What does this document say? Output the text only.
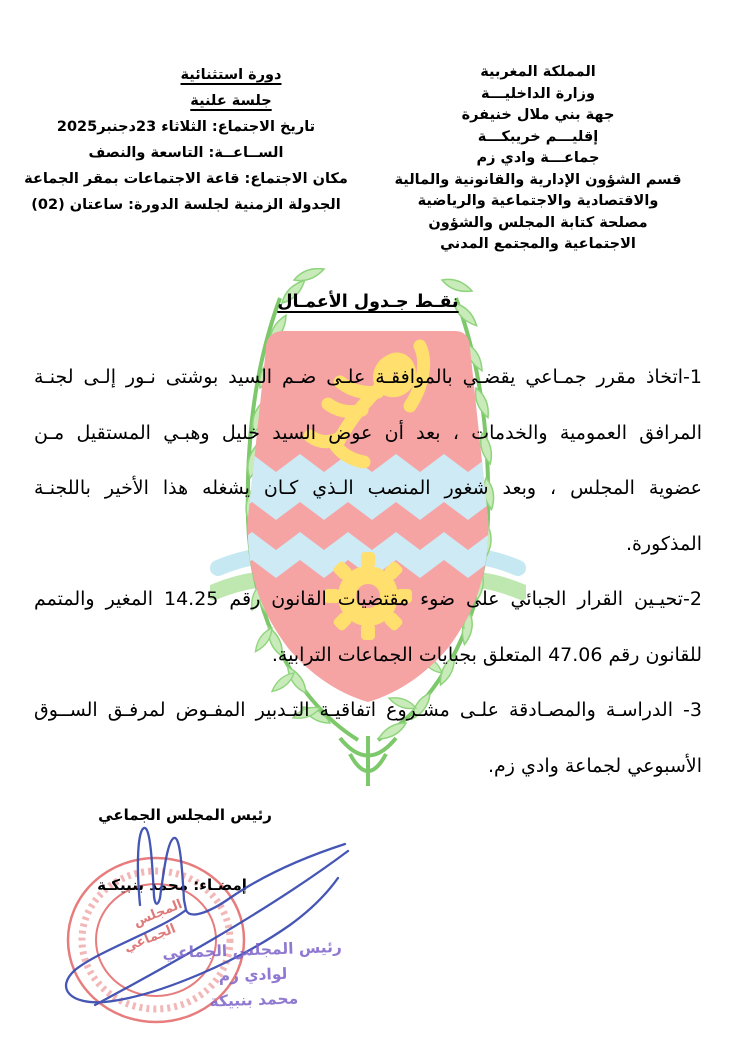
المجلس
الجماعي
المملكة المغربية
وزارة الداخليـــة
جهة بني ملال خنيفرة
إقليـــم خريبكـــة
جماعـــة وادي زم
قسم الشؤون الإدارية والقانونية والمالية
والاقتصادية والاجتماعية والرياضية
مصلحة كتابة المجلس والشؤون
الاجتماعية والمجتمع المدني
دورة استثنائية
جلسة علنية
تاريخ الاجتماع: الثلاثاء 23دجنبر2025
الســاعــة: التاسعة والنصف
مكان الاجتماع: قاعة الاجتماعات بمقر الجماعة
الجدولة الزمنية لجلسة الدورة: ساعتان (02)
نقـط جـدول الأعمـال
1-اتخاذ مقرر جمـاعي يقضـي بالموافقـة علـى ضـم السيد بوشتى نـور إلـى لجنـة
المرافق العمومية والخدمات ، بعد أن عوض السيد خليل وهبـي المستقيل مـن
عضوية المجلس ، وبعد شغور المنصب الـذي كـان يشغله هذا الأخير باللجنـة
المذكورة.
2-تحيـين القرار الجبائي على ضوء مقتضيات القانون رقم 14.25 المغير والمتمم
للقانون رقم 47.06 المتعلق بجبايات الجماعات الترابية.
3- الدراسـة والمصـادقة علـى مشـروع اتفاقيـة التـدبير المفـوض لمرفـق الســوق
الأسبوعي لجماعة وادي زم.
رئيس المجلس الجماعي
إمضـاء: محمد بنبيكـة
رئيس المجلس الجماعي
لوادي زم
محمد بنبيكة
